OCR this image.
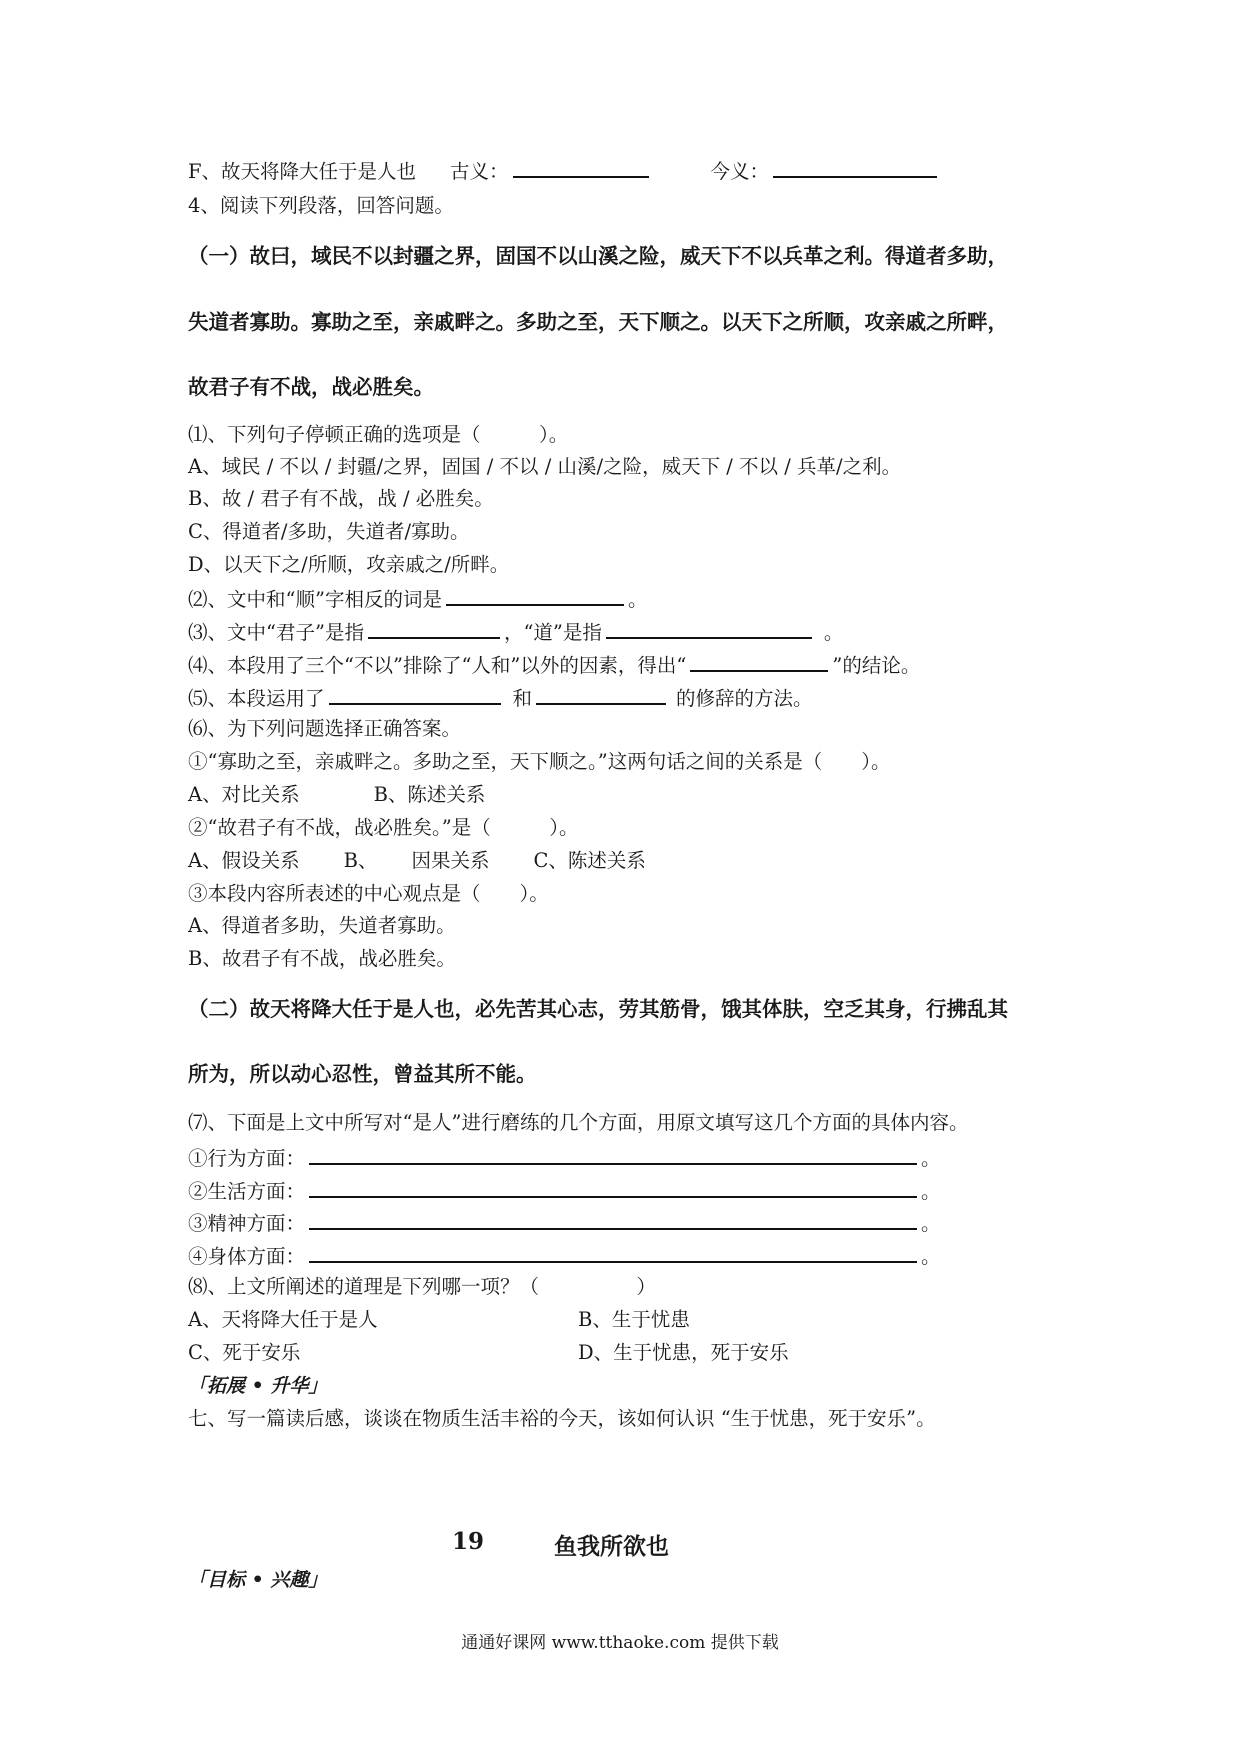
F、故天将降大任于是人也 古义：	今义：
4、阅读下列段落，回答问题。
（一）故曰，域民不以封疆之界，固国不以山溪之险，威天下不以兵革之利。得道者多助，
失道者寡助。寡助之至，亲戚畔之。多助之至，天下顺之。以天下之所顺，攻亲戚之所畔，
故君子有不战，战必胜矣。
⑴、下列句子停顿正确的选项是（　　　）。
A、域民 / 不以 / 封疆/之界，固国 / 不以 / 山溪/之险，威天下 / 不以 / 兵革/之利。
B、故 / 君子有不战，战 / 必胜矣。
C、得道者/多助，失道者/寡助。
D、以天下之/所顺，攻亲戚之/所畔。
⑵、文中和“顺”字相反的词是	。
⑶、文中“君子”是指	，“道”是指	。
⑷、本段用了三个“不以”排除了“人和”以外的因素，得出“	”的结论。
⑸、本段运用了	和	的修辞的方法。
⑹、为下列问题选择正确答案。
①“寡助之至，亲戚畔之。多助之至，天下顺之。”这两句话之间的关系是（　　）。
A、对比关系	B、陈述关系
②“故君子有不战，战必胜矣。”是（　　　）。
A、假设关系 B、 因果关系 C、陈述关系
③本段内容所表述的中心观点是（　　）。
A、得道者多助，失道者寡助。
B、故君子有不战，战必胜矣。
（二）故天将降大任于是人也，必先苦其心志，劳其筋骨，饿其体肤，空乏其身，行拂乱其
所为，所以动心忍性，曾益其所不能。
⑺、下面是上文中所写对“是人”进行磨练的几个方面，用原文填写这几个方面的具体内容。
①行为方面：	。
②生活方面：	。
③精神方面：	。
④身体方面：	。
⑻、上文所阐述的道理是下列哪一项？（　　　　　）
A、天将降大任于是人	B、生于忧患
C、死于安乐	D、生于忧患，死于安乐
「拓展 • 升华」
七、写一篇读后感，谈谈在物质生活丰裕的今天，该如何认识 “生于忧患，死于安乐”。
19	鱼我所欲也
「目标 • 兴趣」
通通好课网 www.tthaoke.com 提供下载
